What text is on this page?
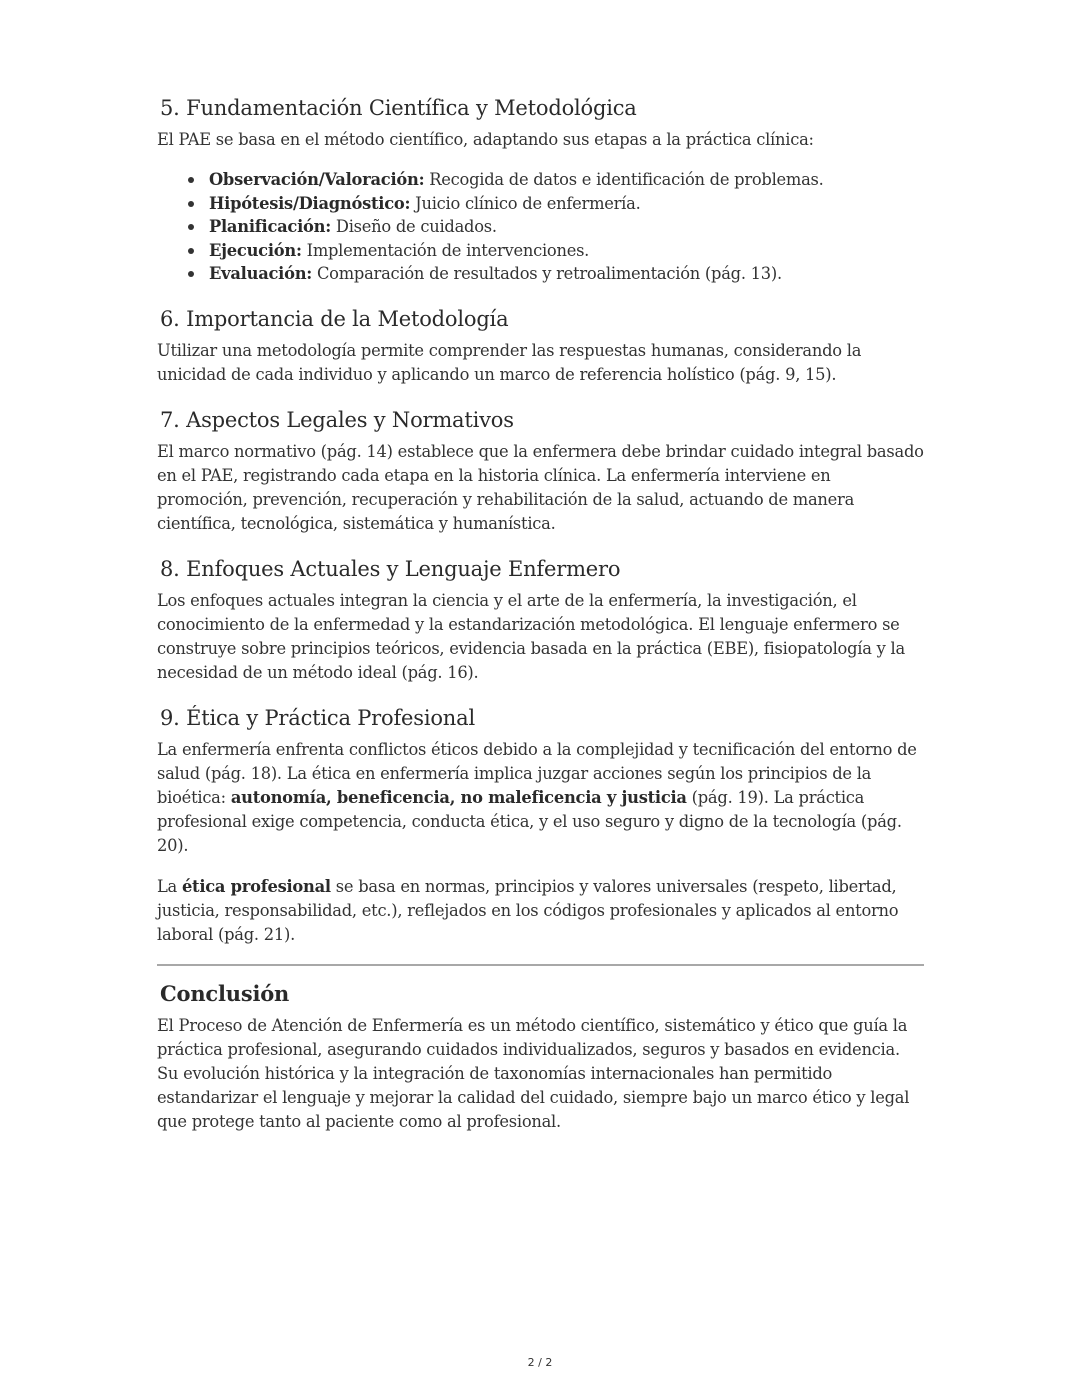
5. Fundamentación Científica y Metodológica

El PAE se basa en el método científico, adaptando sus etapas a la práctica clínica:

Observación/Valoración: Recogida de datos e identificación de problemas.
Hipótesis/Diagnóstico: Juicio clínico de enfermería.
Planificación: Diseño de cuidados.
Ejecución: Implementación de intervenciones.
Evaluación: Comparación de resultados y retroalimentación (pág. 13).
6. Importancia de la Metodología

Utilizar una metodología permite comprender las respuestas humanas, considerando la unicidad de cada individuo y aplicando un marco de referencia holístico (pág. 9, 15).

7. Aspectos Legales y Normativos

El marco normativo (pág. 14) establece que la enfermera debe brindar cuidado integral basado en el PAE, registrando cada etapa en la historia clínica. La enfermería interviene en promoción, prevención, recuperación y rehabilitación de la salud, actuando de manera científica, tecnológica, sistemática y humanística.

8. Enfoques Actuales y Lenguaje Enfermero

Los enfoques actuales integran la ciencia y el arte de la enfermería, la investigación, el conocimiento de la enfermedad y la estandarización metodológica. El lenguaje enfermero se construye sobre principios teóricos, evidencia basada en la práctica (EBE), fisiopatología y la necesidad de un método ideal (pág. 16).

9. Ética y Práctica Profesional

La enfermería enfrenta conflictos éticos debido a la complejidad y tecnificación del entorno de salud (pág. 18). La ética en enfermería implica juzgar acciones según los principios de la bioética: autonomía, beneficencia, no maleficencia y justicia (pág. 19). La práctica profesional exige competencia, conducta ética, y el uso seguro y digno de la tecnología (pág. 20).

La ética profesional se basa en normas, principios y valores universales (respeto, libertad, justicia, responsabilidad, etc.), reflejados en los códigos profesionales y aplicados al entorno laboral (pág. 21).

Conclusión

El Proceso de Atención de Enfermería es un método científico, sistemático y ético que guía la práctica profesional, asegurando cuidados individualizados, seguros y basados en evidencia. Su evolución histórica y la integración de taxonomías internacionales han permitido estandarizar el lenguaje y mejorar la calidad del cuidado, siempre bajo un marco ético y legal que protege tanto al paciente como al profesional.

2 / 2
